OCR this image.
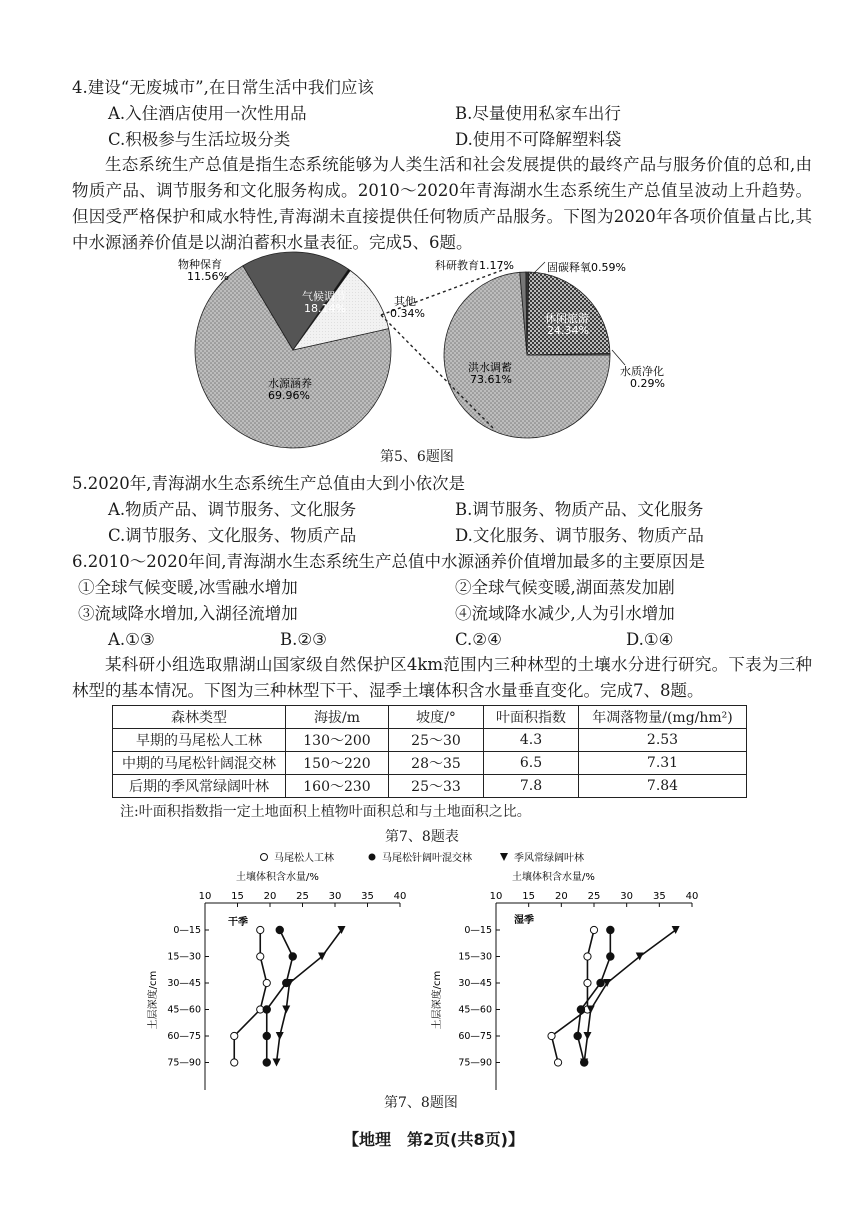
4.建设“无废城市”,在日常生活中我们应该
A.入住酒店使用一次性用品	B.尽量使用私家车出行
C.积极参与生活垃圾分类	D.使用不可降解塑料袋
生态系统生产总值是指生态系统能够为人类生活和社会发展提供的最终产品与服务价值的总和,由物质产品、调节服务和文化服务构成。2010～2020年青海湖水生态系统生产总值呈波动上升趋势。但因受严格保护和咸水特性,青海湖未直接提供任何物质产品服务。下图为2020年各项价值量占比,其中水源涵养价值是以湖泊蓄积水量表征。完成5、6题。
物种保育
11.56%
气候调节
18.14%
其他
0.34%
水源涵养
69.96%
科研教育1.17%	固碳释氧0.59%
休闲旅游
24.34%
洪水调蓄
73.61%
水质净化
0.29%
第5、6题图
5.2020年,青海湖水生态系统生产总值由大到小依次是
A.物质产品、调节服务、文化服务	B.调节服务、物质产品、文化服务
C.调节服务、文化服务、物质产品	D.文化服务、调节服务、物质产品
6.2010～2020年间,青海湖水生态系统生产总值中水源涵养价值增加最多的主要原因是
①全球气候变暖,冰雪融水增加	②全球气候变暖,湖面蒸发加剧
③流域降水增加,入湖径流增加	④流域降水减少,人为引水增加
A.①③	B.②③	C.②④	D.①④
某科研小组选取鼎湖山国家级自然保护区4km范围内三种林型的土壤水分进行研究。下表为三种林型的基本情况。下图为三种林型下干、湿季土壤体积含水量垂直变化。完成7、8题。
森林类型	海拔/m	坡度/°	叶面积指数	年凋落物量/(mg/hm²)
早期的马尾松人工林	130～200	25～30	4.3	2.53
中期的马尾松针阔混交林	150～220	28～35	6.5	7.31
后期的季风常绿阔叶林	160～230	25～33	7.8	7.84
注:叶面积指数指一定土地面积上植物叶面积总和与土地面积之比。
第7、8题表
马尾松人工林	马尾松针阔叶混交林	季风常绿阔叶林
土壤体积含水量/%	土壤体积含水量/%
干季	湿季
土层深度/cm	土层深度/cm
10 15 20 25 30 35 40
0—15
15—30
30—45
45—60
60—75
75—90
10 15 20 25 30 35 40
0—15
15—30
30—45
45—60
60—75
75—90
第7、8题图
【地理　第2页(共8页)】
